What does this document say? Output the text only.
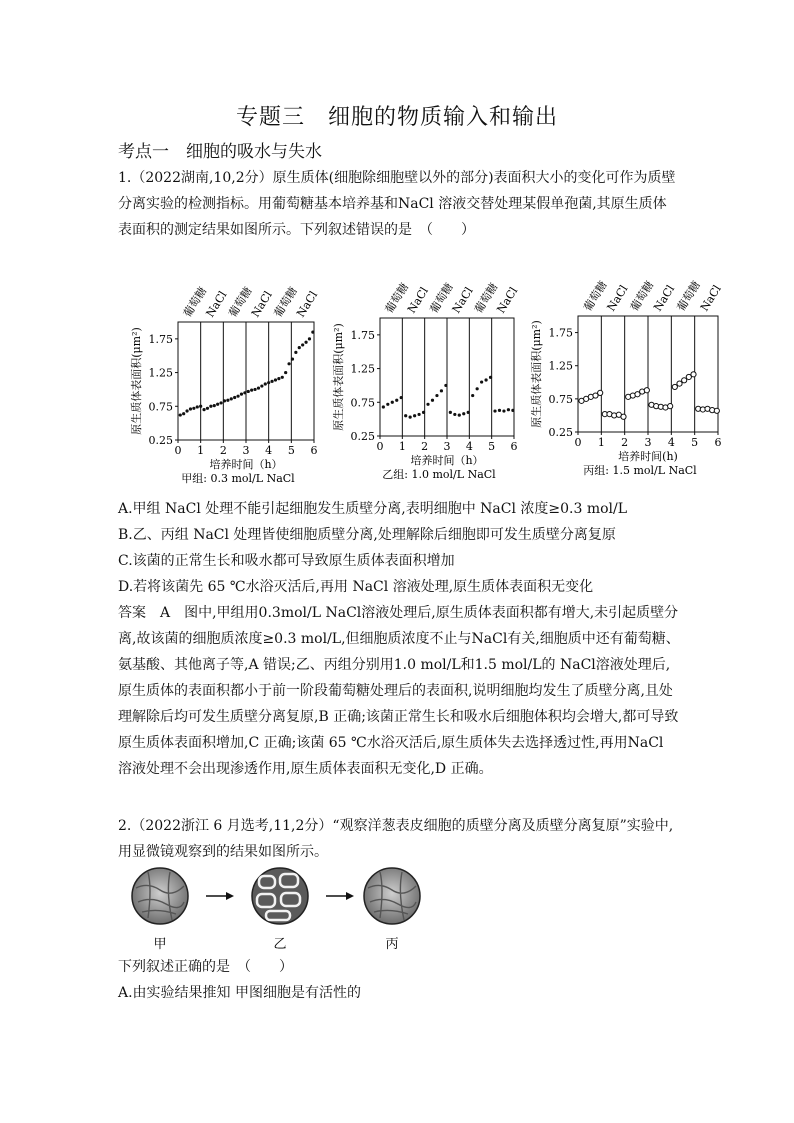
专题三　细胞的物质输入和输出
考点一　细胞的吸水与失水

1.（2022湖南,10,2分）原生质体(细胞除细胞壁以外的部分)表面积大小的变化可作为质壁分离实验的检测指标。用葡萄糖基本培养基和NaCl 溶液交替处理某假单孢菌,其原生质体表面积的测定结果如图所示。下列叙述错误的是　（　　）

葡萄糖
NaCl
葡萄糖
NaCl
葡萄糖
NaCl
0 1 2 3 4 5 6
0.25
0.75
1.25
1.75
原生质体表面积(μm²)
培养时间（h）
甲组: 0.3 mol/L NaCl
葡萄糖
NaCl
葡萄糖
NaCl
葡萄糖
NaCl
0 1 2 3 4 5 6
0.25
0.75
1.25
1.75
原生质体表面积(μm²)
培养时间（h）
乙组: 1.0 mol/L NaCl
葡萄糖
NaCl
葡萄糖
NaCl
葡萄糖
NaCl
0 1 2 3 4 5 6
0.25
0.75
1.25
1.75
原生质体表面积(μm²)
培养时间(h)
丙组: 1.5 mol/L NaCl
A.甲组 NaCl 处理不能引起细胞发生质壁分离,表明细胞中 NaCl 浓度≥0.3 mol/L
B.乙、丙组 NaCl 处理皆使细胞质壁分离,处理解除后细胞即可发生质壁分离复原
C.该菌的正常生长和吸水都可导致原生质体表面积增加
D.若将该菌先 65 ℃水浴灭活后,再用 NaCl 溶液处理,原生质体表面积无变化

答案　A　图中,甲组用0.3mol/L NaCl溶液处理后,原生质体表面积都有增大,未引起质壁分离,故该菌的细胞质浓度≥0.3 mol/L,但细胞质浓度不止与NaCl有关,细胞质中还有葡萄糖、氨基酸、其他离子等,A 错误;乙、丙组分别用1.0 mol/L和1.5 mol/L的 NaCl溶液处理后,原生质体的表面积都小于前一阶段葡萄糖处理后的表面积,说明细胞均发生了质壁分离,且处理解除后均可发生质壁分离复原,B 正确;该菌正常生长和吸水后细胞体积均会增大,都可导致原生质体表面积增加,C 正确;该菌 65 ℃水浴灭活后,原生质体失去选择透过性,再用NaCl 溶液处理不会出现渗透作用,原生质体表面积无变化,D 正确。

2.（2022浙江 6 月选考,11,2分）“观察洋葱表皮细胞的质壁分离及质壁分离复原”实验中,用显微镜观察到的结果如图所示。

甲	乙	丙
下列叙述正确的是　（　　）
A.由实验结果推知 甲图细胞是有活性的
